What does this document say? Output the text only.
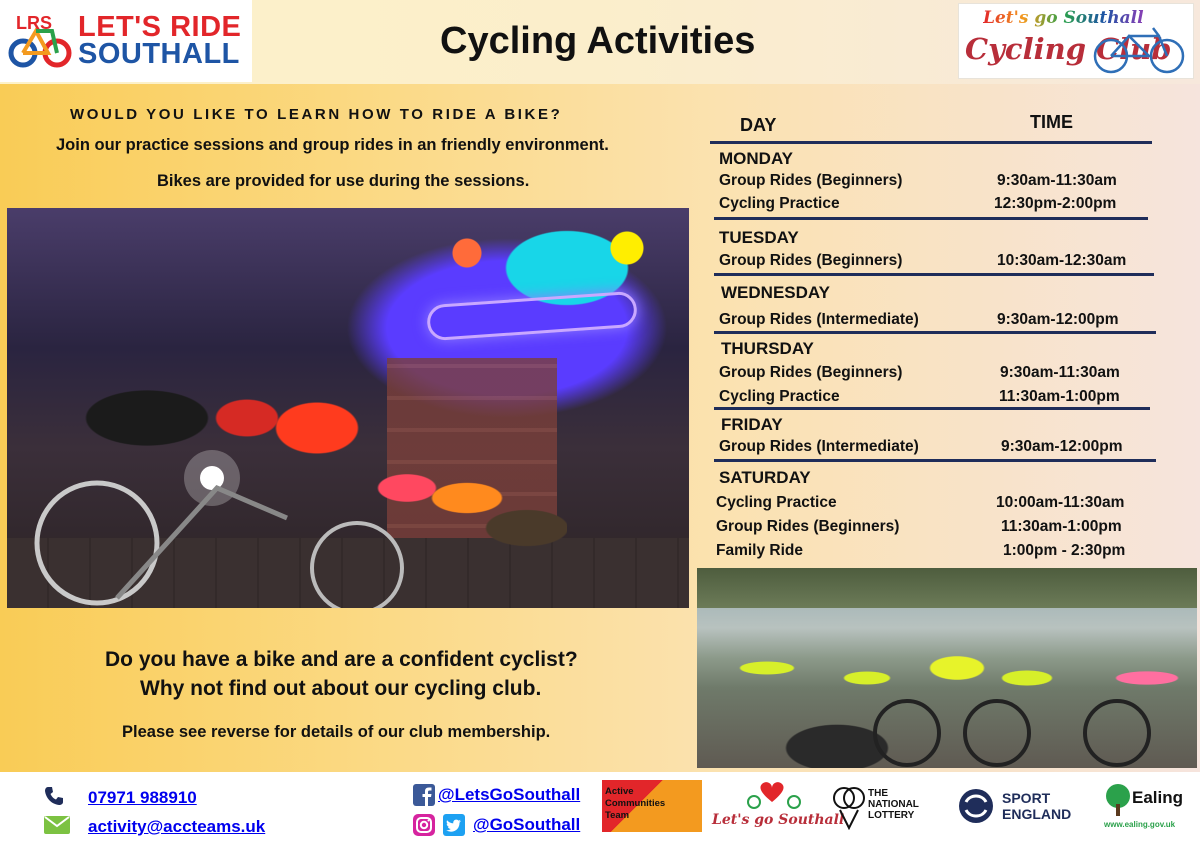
LRS LET'S RIDE
SOUTHALL	Cycling Activities
Let's go Southall
Cycling Club
WOULD YOU LIKE TO LEARN HOW TO RIDE A BIKE?
Join our practice sessions and group rides in an friendly environment.
Bikes are provided for use during the sessions.
DAY	TIME
MONDAY
Group Rides (Beginners)	9:30am-11:30am
Cycling Practice	12:30pm-2:00pm
TUESDAY
Group Rides (Beginners)	10:30am-12:30am
WEDNESDAY
Group Rides (Intermediate)	9:30am-12:00pm
THURSDAY
Group Rides (Beginners)	9:30am-11:30am
Cycling Practice	11:30am-1:00pm
FRIDAY
Group Rides (Intermediate)	9:30am-12:00pm
SATURDAY
Cycling Practice	10:00am-11:30am
Group Rides (Beginners)	11:30am-1:00pm
Family Ride	1:00pm - 2:30pm
Do you have a bike and are a confident cyclist?
Why not find out about our cycling club.
Please see reverse for details of our club membership.
07971 988910
activity@accteams.uk
@LetsGoSouthall
@GoSouthall
Active
Communities
Team	Let's go Southall
THE
NATIONAL
LOTTERY
SPORT
ENGLAND
Ealing
www.ealing.gov.uk
